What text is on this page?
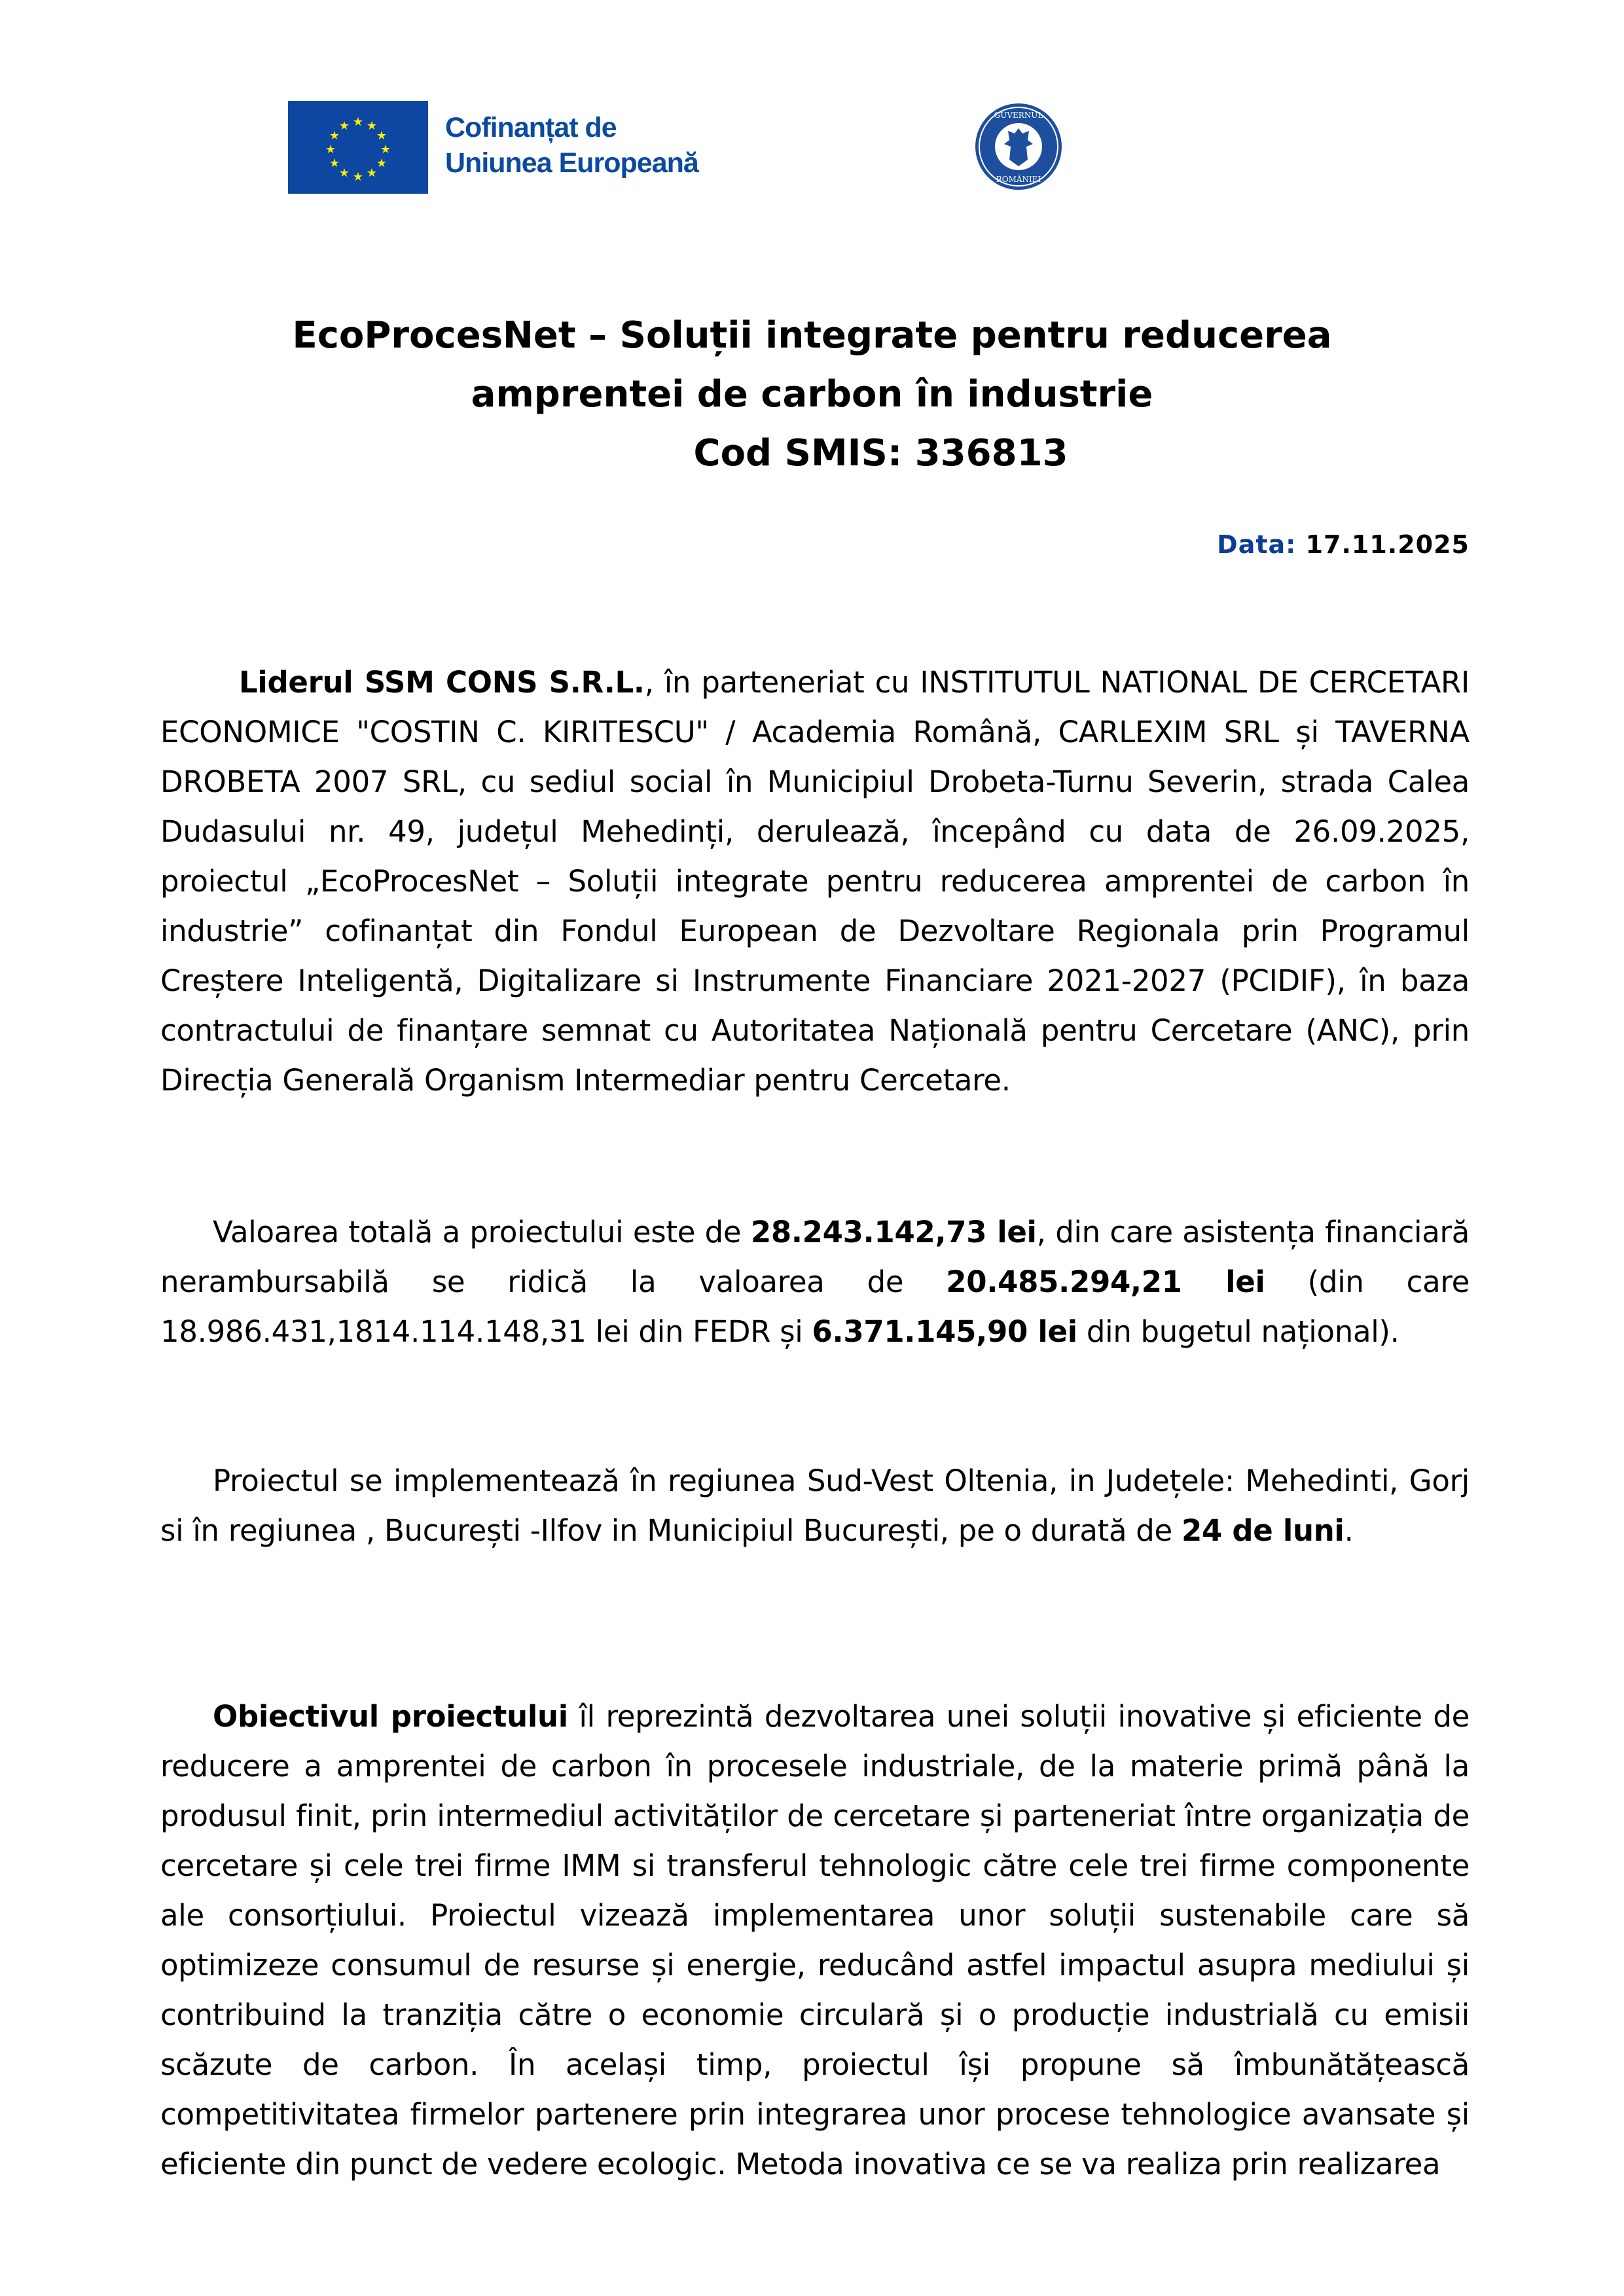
★ ★
★
★
★
★
★
★
★
★
★
★	Cofinanțat de
Uniunea Europeană
GUVERNUL
ROMÂNIEI
EcoProcesNet – Soluții integrate pentru reducerea
amprentei de carbon în industrie
Cod SMIS: 336813
Data: 17.11.2025

Liderul SSM CONS S.R.L., în parteneriat cu INSTITUTUL NATIONAL DE CERCETARI ECONOMICE "COSTIN C. KIRITESCU" / Academia Română, CARLEXIM SRL și TAVERNA DROBETA 2007 SRL, cu sediul social în Municipiul Drobeta-Turnu Severin, strada Calea Dudasului nr. 49, județul Mehedinți, derulează, începând cu data de 26.09.2025, proiectul „EcoProcesNet – Soluții integrate pentru reducerea amprentei de carbon în industrie” cofinanțat din Fondul European de Dezvoltare Regionala prin Programul Creștere Inteligentă, Digitalizare si Instrumente Financiare 2021-2027 (PCIDIF), în baza contractului de finanțare semnat cu Autoritatea Națională pentru Cercetare (ANC), prin Direcția Generală Organism Intermediar pentru Cercetare.

Valoarea totală a proiectului este de 28.243.142,73 lei, din care asistența financiară nerambursabilă se ridică la valoarea de 20.485.294,21 lei (din care 18.986.431,1814.114.148,31 lei din FEDR și 6.371.145,90 lei din bugetul național).

Proiectul se implementează în regiunea Sud-Vest Oltenia, in Județele: Mehedinti, Gorj si în regiunea , București -Ilfov in Municipiul București, pe o durată de 24 de luni.

Obiectivul proiectului îl reprezintă dezvoltarea unei soluții inovative și eficiente de reducere a amprentei de carbon în procesele industriale, de la materie primă până la produsul finit, prin intermediul activităților de cercetare și parteneriat între organizația de cercetare și cele trei firme IMM si transferul tehnologic către cele trei firme componente ale consorțiului. Proiectul vizează implementarea unor soluții sustenabile care să optimizeze consumul de resurse și energie, reducând astfel impactul asupra mediului și contribuind la tranziția către o economie circulară și o producție industrială cu emisii scăzute de carbon. În același timp, proiectul își propune să îmbunătățească competitivitatea firmelor partenere prin integrarea unor procese tehnologice avansate și eficiente din punct de vedere ecologic. Metoda inovativa ce se va realiza prin realizarea
